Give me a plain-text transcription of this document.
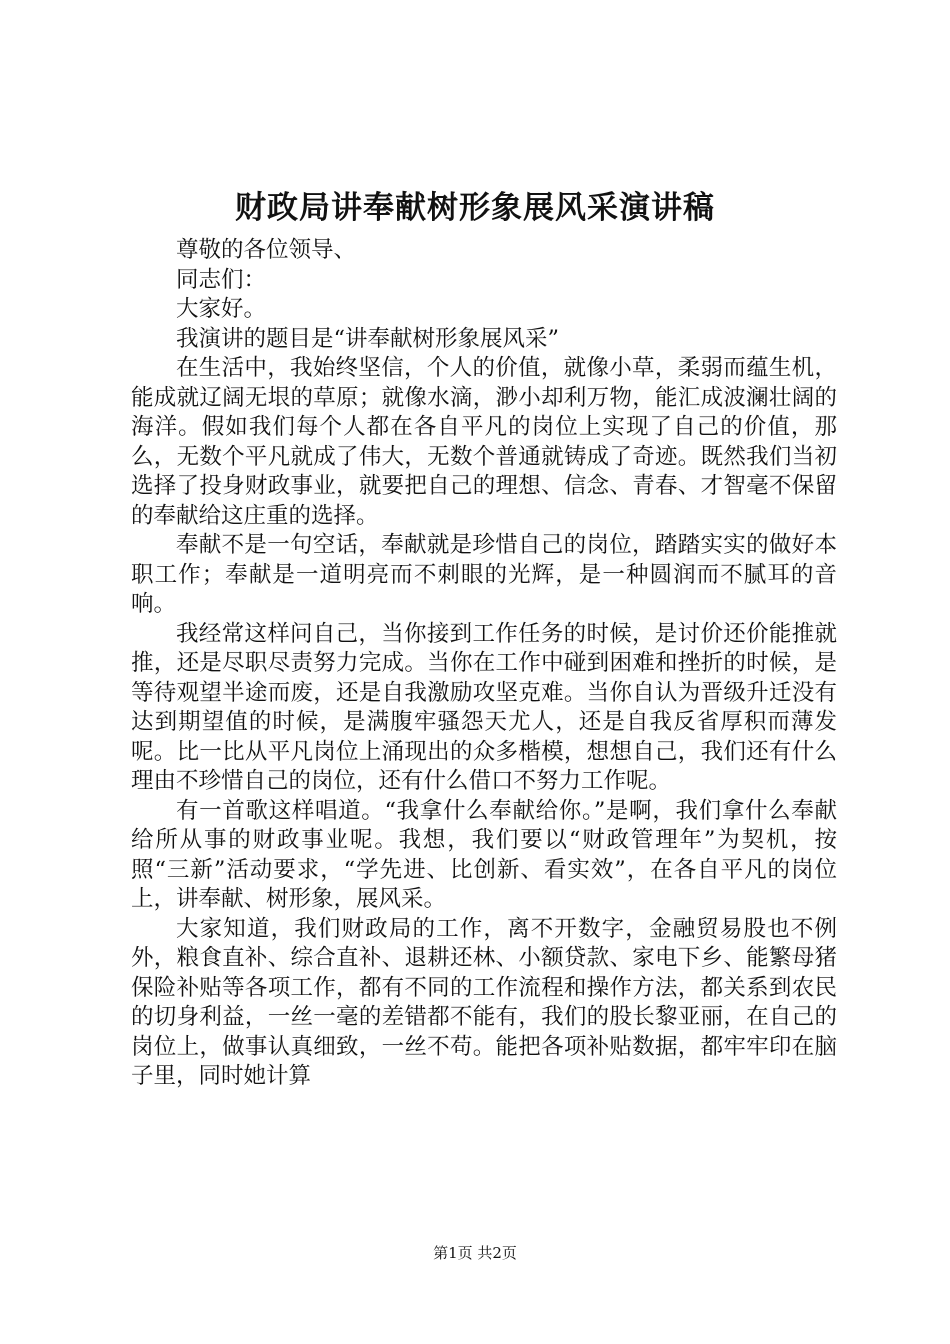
财政局讲奉献树形象展风采演讲稿

尊敬的各位领导、

同志们：

大家好。

我演讲的题目是“讲奉献树形象展风采”

在生活中，我始终坚信，个人的价值，就像小草，柔弱而蕴生机，能成就辽阔无垠的草原；就像水滴，渺小却利万物，能汇成波澜壮阔的海洋。假如我们每个人都在各自平凡的岗位上实现了自己的价值，那么，无数个平凡就成了伟大，无数个普通就铸成了奇迹。既然我们当初选择了投身财政事业，就要把自己的理想、信念、青春、才智毫不保留的奉献给这庄重的选择。

奉献不是一句空话，奉献就是珍惜自己的岗位，踏踏实实的做好本职工作；奉献是一道明亮而不刺眼的光辉，是一种圆润而不腻耳的音响。

我经常这样问自己，当你接到工作任务的时候，是讨价还价能推就推，还是尽职尽责努力完成。当你在工作中碰到困难和挫折的时候，是等待观望半途而废，还是自我激励攻坚克难。当你自认为晋级升迁没有达到期望值的时候，是满腹牢骚怨天尤人，还是自我反省厚积而薄发呢。比一比从平凡岗位上涌现出的众多楷模，想想自己，我们还有什么理由不珍惜自己的岗位，还有什么借口不努力工作呢。

有一首歌这样唱道。“我拿什么奉献给你。”是啊，我们拿什么奉献给所从事的财政事业呢。我想，我们要以“财政管理年”为契机，按照“三新”活动要求，“学先进、比创新、看实效”，在各自平凡的岗位上，讲奉献、树形象，展风采。

大家知道，我们财政局的工作，离不开数字，金融贸易股也不例外，粮食直补、综合直补、退耕还林、小额贷款、家电下乡、能繁母猪保险补贴等各项工作，都有不同的工作流程和操作方法，都关系到农民的切身利益，一丝一毫的差错都不能有，我们的股长黎亚丽，在自己的岗位上，做事认真细致，一丝不苟。能把各项补贴数据，都牢牢印在脑子里，同时她计算

第1页 共2页
